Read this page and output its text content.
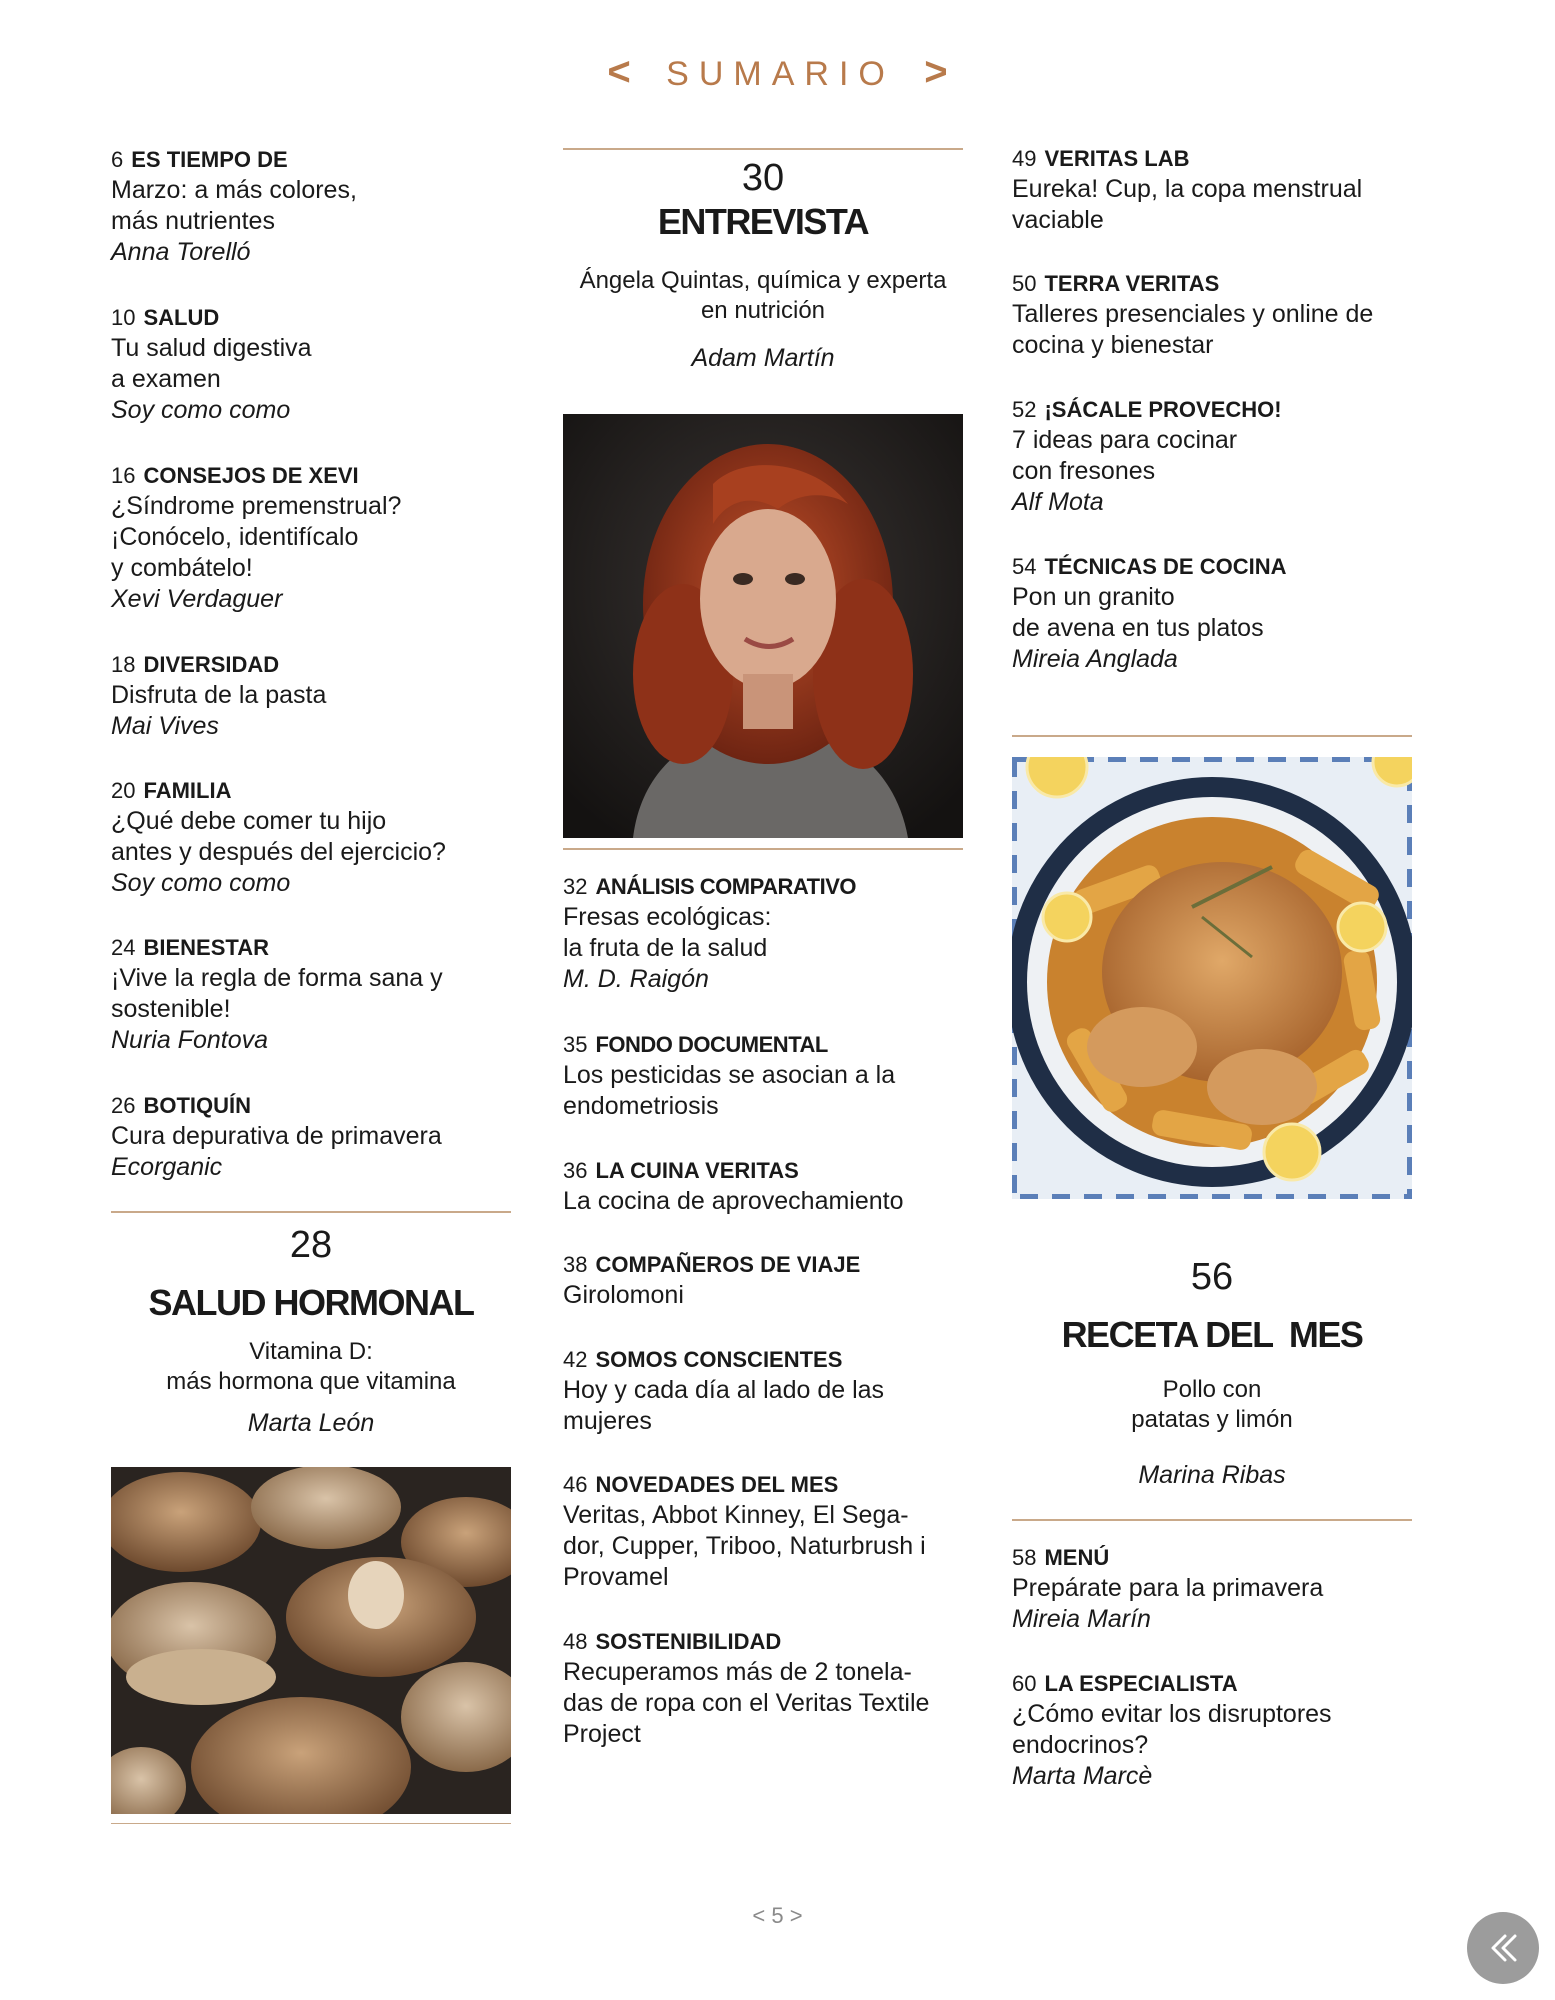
< SUMARIO >
6 ES TIEMPO DE
Marzo: a más colores,
más nutrientes
Anna Torelló
10 SALUD
Tu salud digestiva
a examen
Soy como como
16 CONSEJOS DE XEVI
¿Síndrome premenstrual?
¡Conócelo, identifícalo
y combátelo!
Xevi Verdaguer
18 DIVERSIDAD
Disfruta de la pasta
Mai Vives
20 FAMILIA
¿Qué debe comer tu hijo
antes y después del ejercicio?
Soy como como
24 BIENESTAR
¡Vive la regla de forma sana y
sostenible!
Nuria Fontova
26 BOTIQUÍN
Cura depurativa de primavera
Ecorganic
28
SALUD HORMONAL
Vitamina D:
más hormona que vitamina
Marta León
30
ENTREVISTA
Ángela Quintas, química y experta
en nutrición
Adam Martín
32 ANÁLISIS COMPARATIVO
Fresas ecológicas:
la fruta de la salud
M. D. Raigón
35 FONDO DOCUMENTAL
Los pesticidas se asocian a la
endometriosis
36 LA CUINA VERITAS
La cocina de aprovechamiento
38 COMPAÑEROS DE VIAJE
Girolomoni
42 SOMOS CONSCIENTES
Hoy y cada día al lado de las
mujeres
46 NOVEDADES DEL MES
Veritas, Abbot Kinney, El Sega-
dor, Cupper, Triboo, Naturbrush i
Provamel
48 SOSTENIBILIDAD
Recuperamos más de 2 tonela-
das de ropa con el Veritas Textile
Project
49 VERITAS LAB
Eureka! Cup, la copa menstrual
vaciable
50 TERRA VERITAS
Talleres presenciales y online de
cocina y bienestar
52 ¡SÁCALE PROVECHO!
7 ideas para cocinar
con fresones
Alf Mota
54 TÉCNICAS DE COCINA
Pon un granito
de avena en tus platos
Mireia Anglada
56
RECETA DEL  MES
Pollo con
patatas y limón
Marina Ribas
58 MENÚ
Prepárate para la primavera
Mireia Marín
60 LA ESPECIALISTA
¿Cómo evitar los disruptores
endocrinos?
Marta Marcè
< 5 >
